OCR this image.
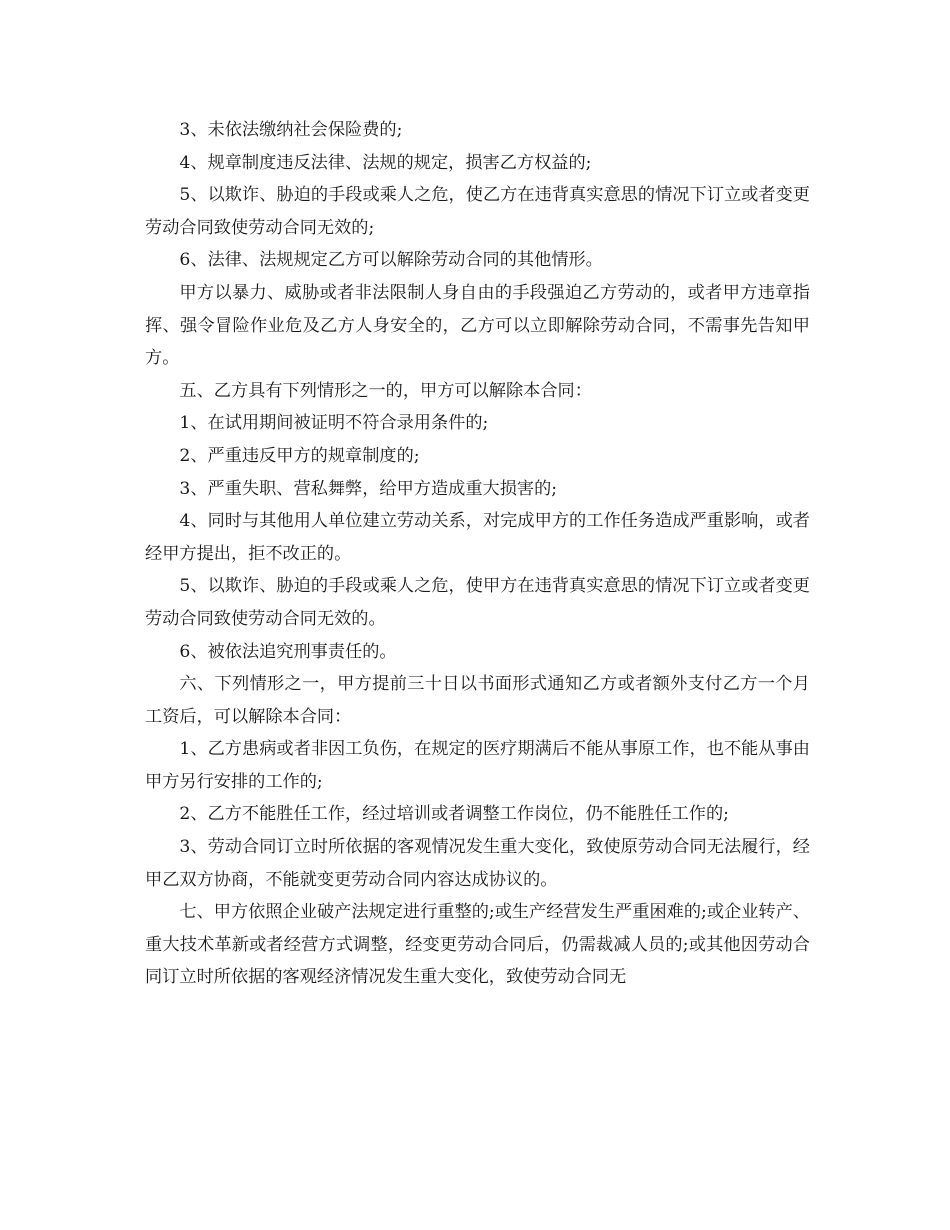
3、未依法缴纳社会保险费的;

4、规章制度违反法律、法规的规定，损害乙方权益的;

5、以欺诈、胁迫的手段或乘人之危，使乙方在违背真实意思的情况下订立或者变更劳动合同致使劳动合同无效的;

6、法律、法规规定乙方可以解除劳动合同的其他情形。

甲方以暴力、威胁或者非法限制人身自由的手段强迫乙方劳动的，或者甲方违章指挥、强令冒险作业危及乙方人身安全的，乙方可以立即解除劳动合同，不需事先告知甲方。

五、乙方具有下列情形之一的，甲方可以解除本合同：

1、在试用期间被证明不符合录用条件的;

2、严重违反甲方的规章制度的;

3、严重失职、营私舞弊，给甲方造成重大损害的;

4、同时与其他用人单位建立劳动关系，对完成甲方的工作任务造成严重影响，或者经甲方提出，拒不改正的。

5、以欺诈、胁迫的手段或乘人之危，使甲方在违背真实意思的情况下订立或者变更劳动合同致使劳动合同无效的。

6、被依法追究刑事责任的。

六、下列情形之一，甲方提前三十日以书面形式通知乙方或者额外支付乙方一个月工资后，可以解除本合同：

1、乙方患病或者非因工负伤，在规定的医疗期满后不能从事原工作，也不能从事由甲方另行安排的工作的;

2、乙方不能胜任工作，经过培训或者调整工作岗位，仍不能胜任工作的;

3、劳动合同订立时所依据的客观情况发生重大变化，致使原劳动合同无法履行，经甲乙双方协商，不能就变更劳动合同内容达成协议的。

七、甲方依照企业破产法规定进行重整的;或生产经营发生严重困难的;或企业转产、重大技术革新或者经营方式调整，经变更劳动合同后，仍需裁减人员的;或其他因劳动合同订立时所依据的客观经济情况发生重大变化，致使劳动合同无
